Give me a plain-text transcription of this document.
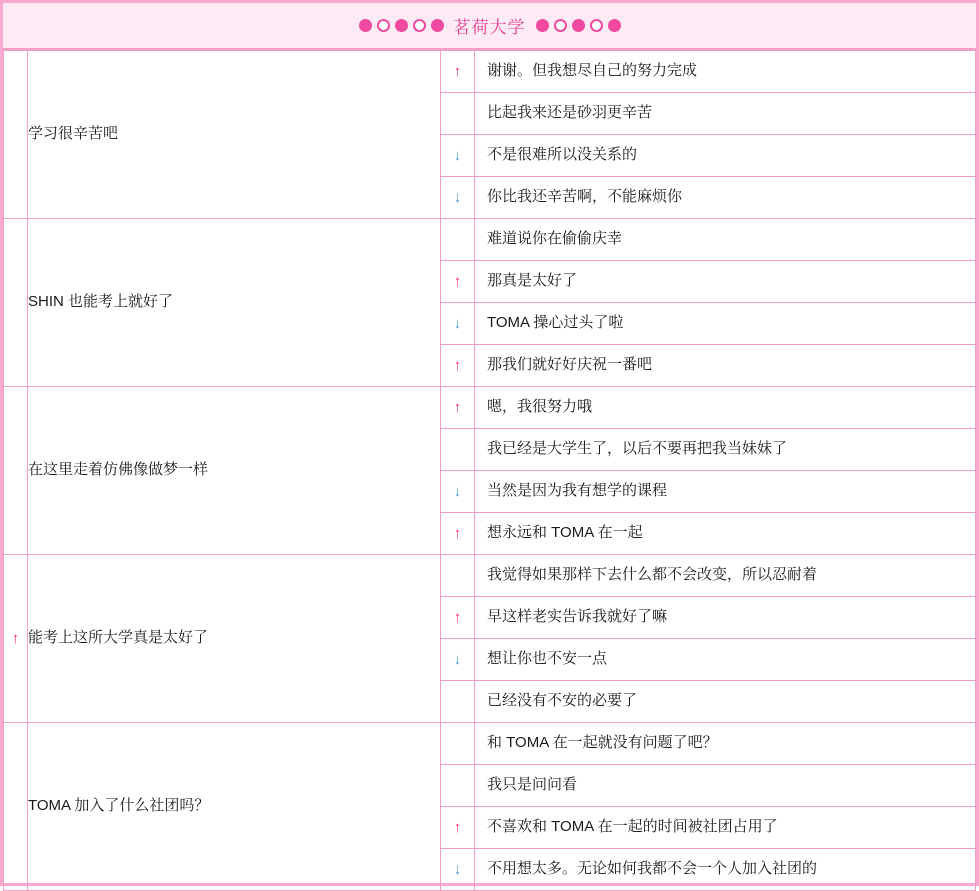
茗荷大学
	学习很辛苦吧	↑	谢谢。但我想尽自己的努力完成
			比起我来还是砂羽更辛苦
		↓	不是很难所以没关系的
		↓	你比我还辛苦啊，不能麻烦你
	SHIN 也能考上就好了		难道说你在偷偷庆幸
		↑	那真是太好了
		↓	TOMA 操心过头了啦
		↑	那我们就好好庆祝一番吧
	在这里走着仿佛像做梦一样	↑	嗯，我很努力哦
			我已经是大学生了，以后不要再把我当妹妹了
		↓	当然是因为我有想学的课程
		↑	想永远和 TOMA 在一起
↑	能考上这所大学真是太好了		我觉得如果那样下去什么都不会改变，所以忍耐着
		↑	早这样老实告诉我就好了嘛
		↓	想让你也不安一点
			已经没有不安的必要了
	TOMA 加入了什么社团吗？		和 TOMA 在一起就没有问题了吧？
			我只是问问看
		↑	不喜欢和 TOMA 在一起的时间被社团占用了
		↓	不用想太多。无论如何我都不会一个人加入社团的
